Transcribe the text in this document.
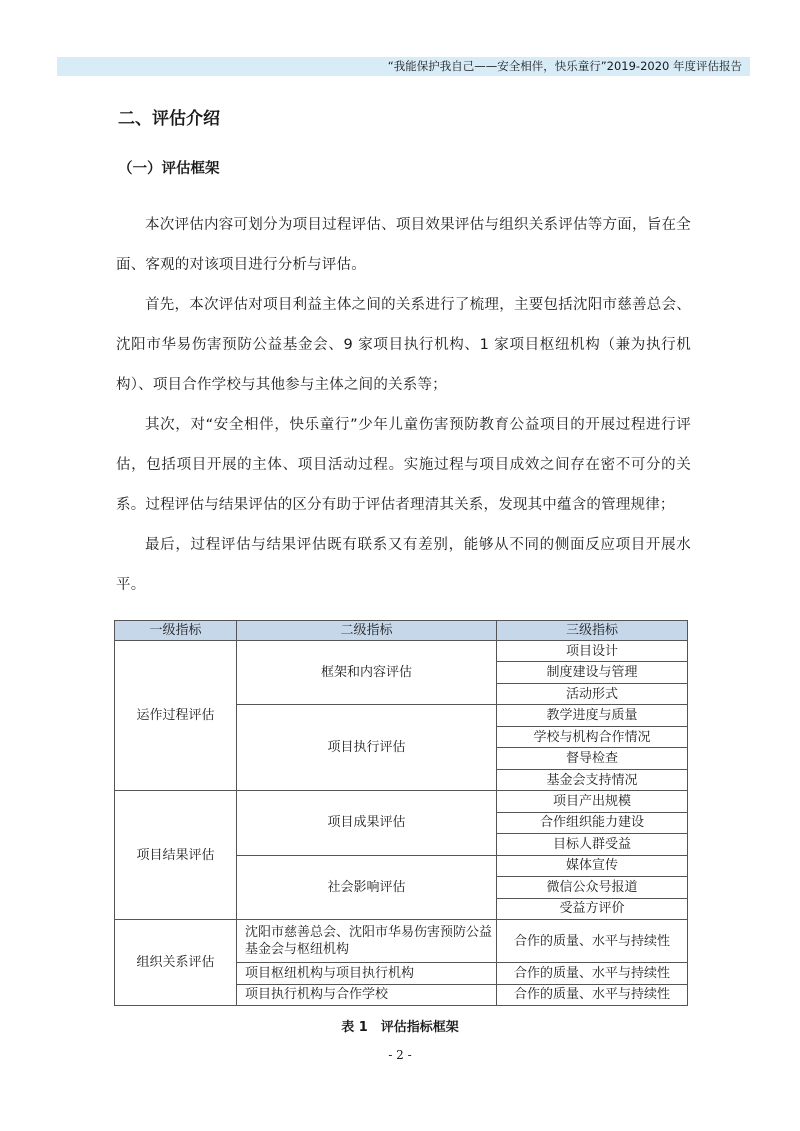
“我能保护我自己——安全相伴，快乐童行”2019-2020 年度评估报告
二、评估介绍
（一）评估框架

本次评估内容可划分为项目过程评估、项目效果评估与组织关系评估等方面，旨在全面、客观的对该项目进行分析与评估。

首先，本次评估对项目利益主体之间的关系进行了梳理，主要包括沈阳市慈善总会、沈阳市华易伤害预防公益基金会、9 家项目执行机构、1 家项目枢纽机构（兼为执行机构）、项目合作学校与其他参与主体之间的关系等；

其次，对“安全相伴，快乐童行”少年儿童伤害预防教育公益项目的开展过程进行评估，包括项目开展的主体、项目活动过程。实施过程与项目成效之间存在密不可分的关系。过程评估与结果评估的区分有助于评估者理清其关系，发现其中蕴含的管理规律；

最后，过程评估与结果评估既有联系又有差别，能够从不同的侧面反应项目开展水平。

一级指标	二级指标	三级指标
运作过程评估	框架和内容评估	项目设计
		制度建设与管理
		活动形式
	项目执行评估	教学进度与质量
		学校与机构合作情况
		督导检查
		基金会支持情况
项目结果评估	项目成果评估	项目产出规模
		合作组织能力建设
		目标人群受益
	社会影响评估	媒体宣传
		微信公众号报道
		受益方评价
组织关系评估	沈阳市慈善总会、沈阳市华易伤害预防公益基金会与枢纽机构	合作的质量、水平与持续性
	项目枢纽机构与项目执行机构	合作的质量、水平与持续性
	项目执行机构与合作学校	合作的质量、水平与持续性
表 1　评估指标框架
- 2 -
